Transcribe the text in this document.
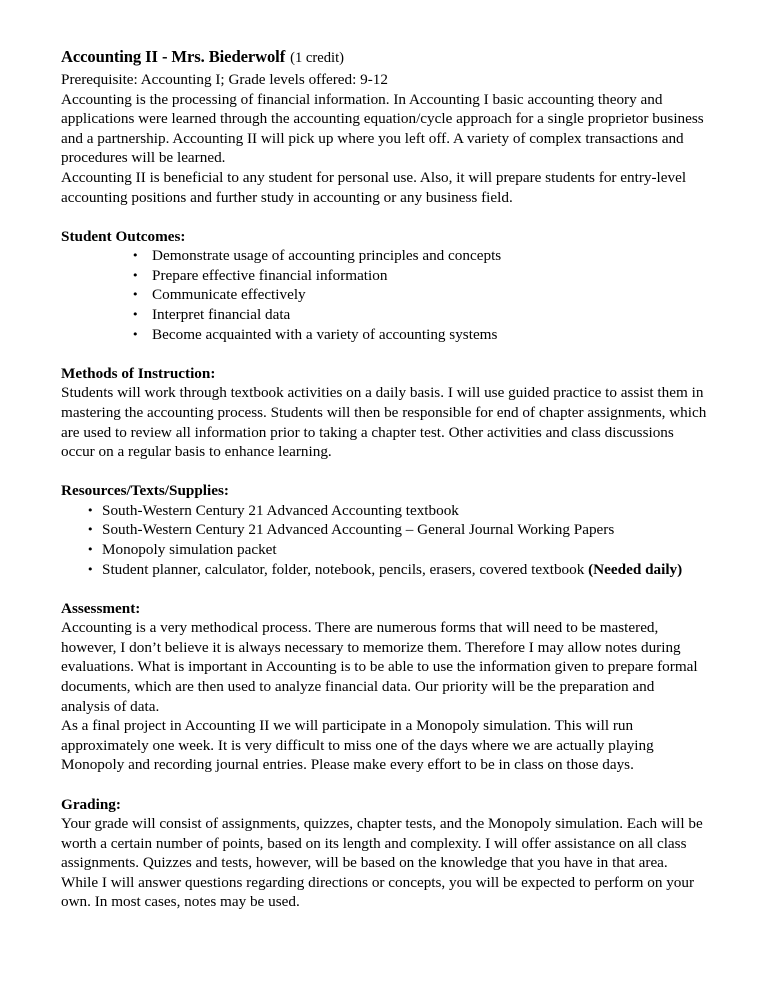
Accounting II - Mrs. Biederwolf (1 credit)
Prerequisite: Accounting I; Grade levels offered: 9-12

Accounting is the processing of financial information. In Accounting I basic accounting theory and applications were learned through the accounting equation/cycle approach for a single proprietor business and a partnership. Accounting II will pick up where you left off. A variety of complex transactions and procedures will be learned.

Accounting II is beneficial to any student for personal use. Also, it will prepare students for entry-level accounting positions and further study in accounting or any business field.

Student Outcomes:
• Demonstrate usage of accounting principles and concepts
• Prepare effective financial information
• Communicate effectively
• Interpret financial data
• Become acquainted with a variety of accounting systems
Methods of Instruction:

Students will work through textbook activities on a daily basis. I will use guided practice to assist them in mastering the accounting process. Students will then be responsible for end of chapter assignments, which are used to review all information prior to taking a chapter test. Other activities and class discussions occur on a regular basis to enhance learning.

Resources/Texts/Supplies:
• South-Western Century 21 Advanced Accounting textbook
• South-Western Century 21 Advanced Accounting – General Journal Working Papers
• Monopoly simulation packet
• Student planner, calculator, folder, notebook, pencils, erasers, covered textbook (Needed daily)
Assessment:

Accounting is a very methodical process. There are numerous forms that will need to be mastered, however, I don’t believe it is always necessary to memorize them. Therefore I may allow notes during evaluations. What is important in Accounting is to be able to use the information given to prepare formal documents, which are then used to analyze financial data. Our priority will be the preparation and analysis of data.

As a final project in Accounting II we will participate in a Monopoly simulation. This will run approximately one week. It is very difficult to miss one of the days where we are actually playing Monopoly and recording journal entries. Please make every effort to be in class on those days.

Grading:

Your grade will consist of assignments, quizzes, chapter tests, and the Monopoly simulation. Each will be worth a certain number of points, based on its length and complexity. I will offer assistance on all class assignments. Quizzes and tests, however, will be based on the knowledge that you have in that area. While I will answer questions regarding directions or concepts, you will be expected to perform on your own. In most cases, notes may be used.
